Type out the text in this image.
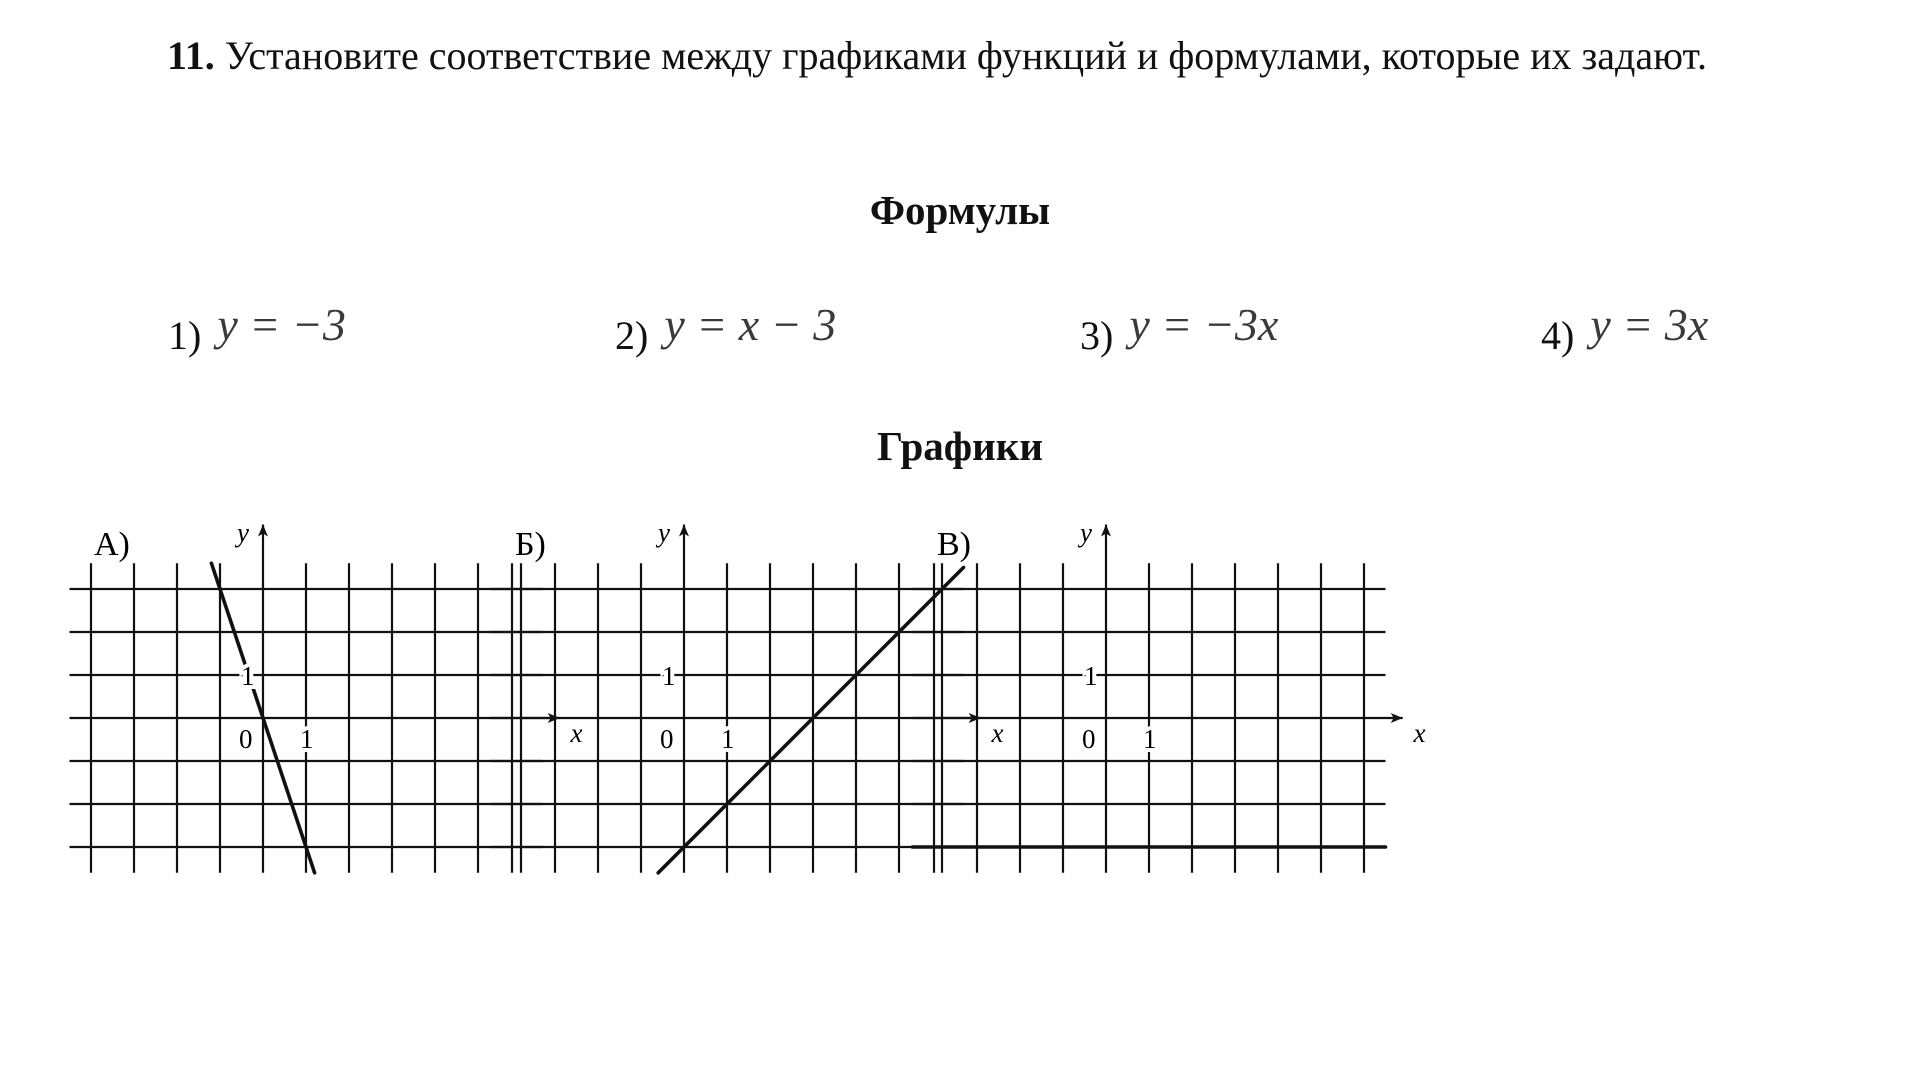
11. Установите соответствие между графиками функций и формулами, которые их задают.

Формулы
1) y = −3	2) y = x − 3	3) y = −3x	4) y = 3x
Графики
А)	y
x
0 1
1
Б)	y
x
0 1
1
В)	y
x
0 1
1
